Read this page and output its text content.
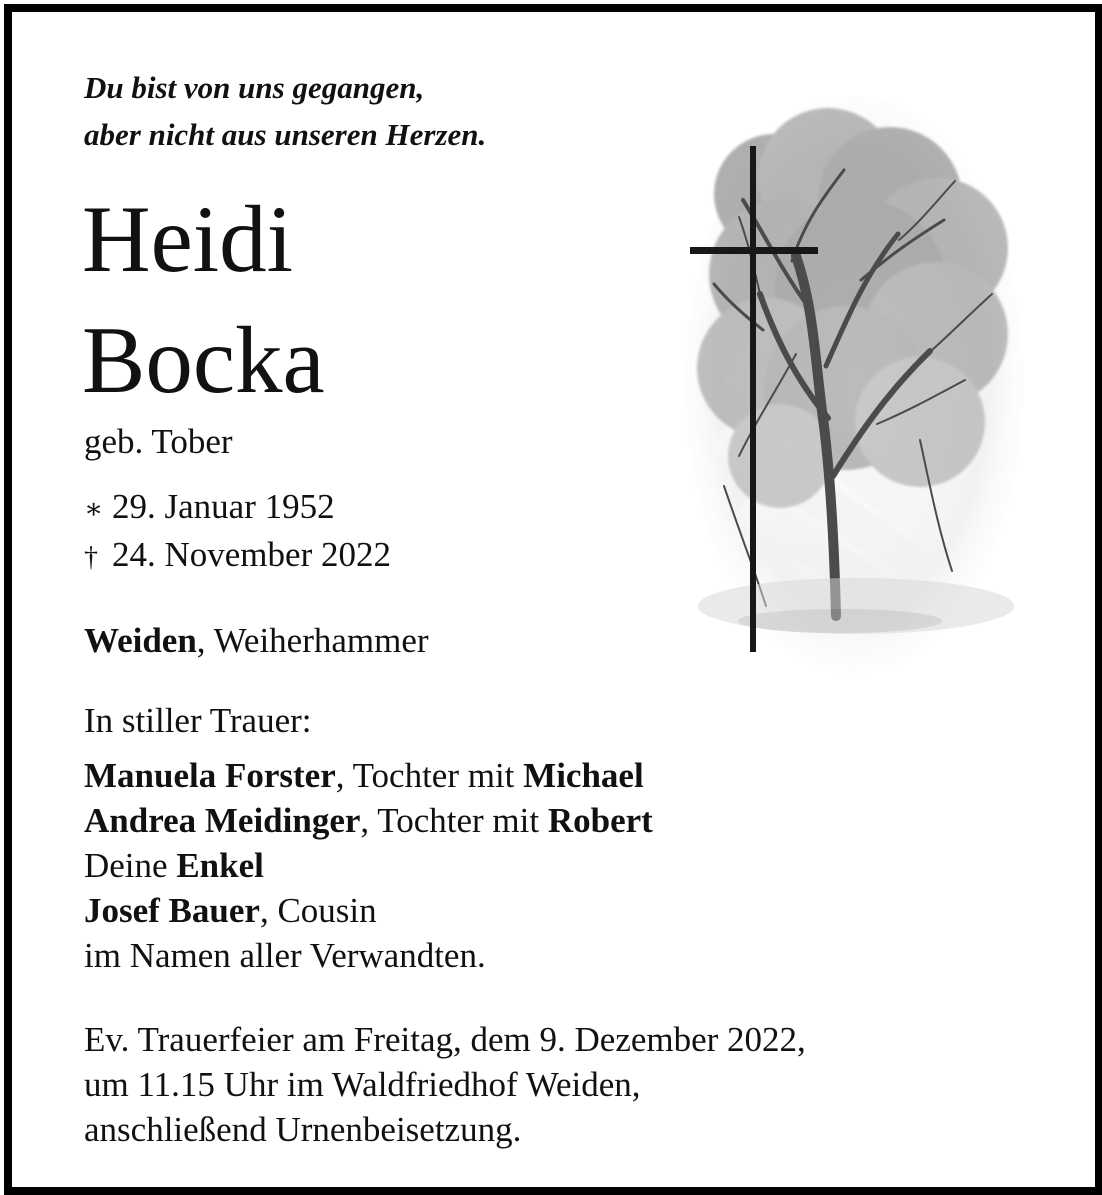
Du bist von uns gegangen,
aber nicht aus unseren Herzen.

Heidi
Bocka

geb. Tober

∗ 29. Januar 1952

† 24. November 2022

Weiden, Weiherhammer

In stiller Trauer:

Manuela Forster, Tochter mit Michael
Andrea Meidinger, Tochter mit Robert
Deine Enkel
Josef Bauer, Cousin
im Namen aller Verwandten.

Ev. Trauerfeier am Freitag, dem 9. Dezember 2022,
um 11.15 Uhr im Waldfriedhof Weiden,
anschließend Urnenbeisetzung.
